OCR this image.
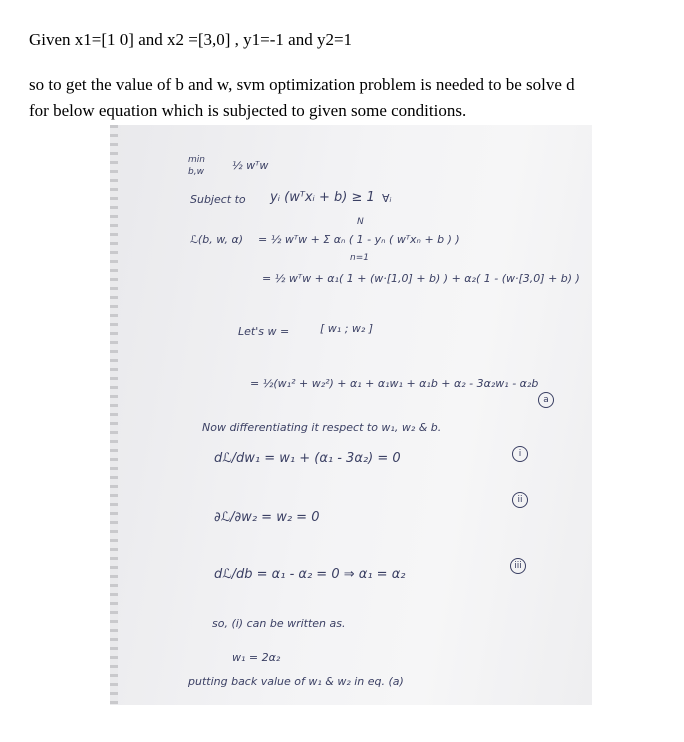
Given x1=[1 0] and x2 =[3,0] , y1=-1 and y2=1
so to get the value of b and w, svm optimization problem is needed to be solve d
for below equation which is subjected to given some conditions.
min
b,w	½ wᵀw
Subject to yᵢ (wᵀxᵢ + b) ≥ 1 ∀ᵢ
N
ℒ(b, w, α) = ½ wᵀw + Σ αₙ ( 1 - yₙ ( wᵀxₙ + b ) )
n=1
= ½ wᵀw + α₁( 1 + (w·[1,0] + b) ) + α₂( 1 - (w·[3,0] + b) )
Let's w =	[ w₁ ; w₂ ]
= ½(w₁² + w₂²) + α₁ + α₁w₁ + α₁b + α₂ - 3α₂w₁ - α₂b
a
Now differentiating it respect to w₁, w₂ & b.
dℒ/dw₁ = w₁ + (α₁ - 3α₂) = 0	i
∂ℒ/∂w₂ = w₂ = 0
ii
dℒ/db = α₁ - α₂ = 0 ⇒ α₁ = α₂
iii
so, (i) can be written as.
w₁ = 2α₂
putting back value of w₁ & w₂ in eq. (a)
